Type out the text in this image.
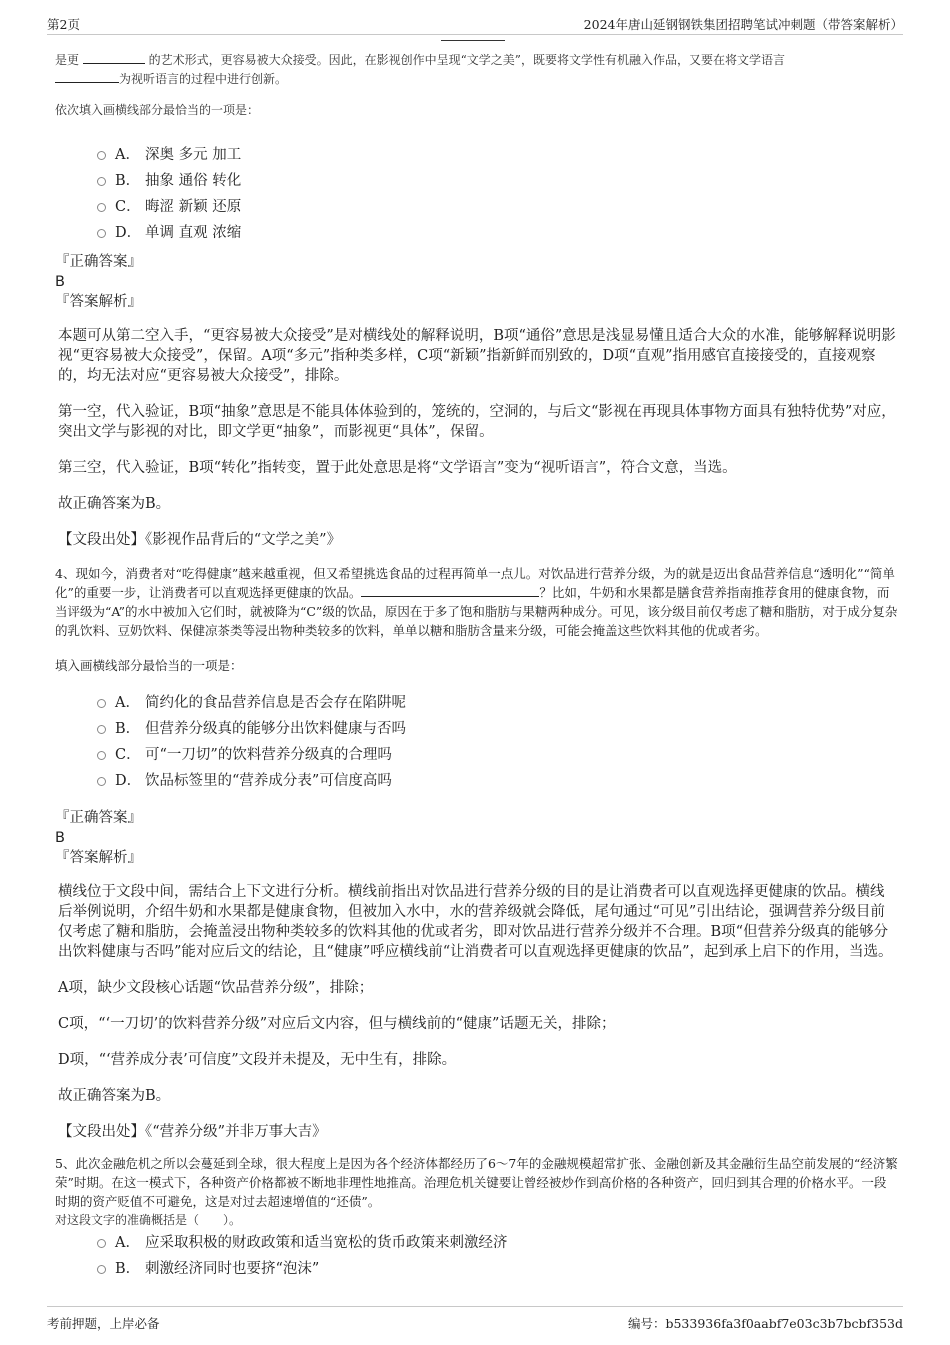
第2页	2024年唐山延钢钢铁集团招聘笔试冲刺题（带答案解析）
是更	的艺术形式，更容易被大众接受。因此，在影视创作中呈现“文学之美”，既要将文学性有机融入作品，又要在将文学语言
为视听语言的过程中进行创新。

依次填入画横线部分最恰当的一项是：

A． 深奥 多元 加工
B． 抽象 通俗 转化
C． 晦涩 新颖 还原
D． 单调 直观 浓缩

『正确答案』

B

『答案解析』

本题可从第二空入手，“更容易被大众接受”是对横线处的解释说明，B项“通俗”意思是浅显易懂且适合大众的水准，能够解释说明影视“更容易被大众接受”，保留。A项“多元”指种类多样，C项“新颖”指新鲜而别致的，D项“直观”指用感官直接接受的，直接观察的，均无法对应“更容易被大众接受”，排除。

第一空，代入验证，B项“抽象”意思是不能具体体验到的，笼统的，空洞的，与后文“影视在再现具体事物方面具有独特优势”对应，突出文学与影视的对比，即文学更“抽象”，而影视更“具体”，保留。

第三空，代入验证，B项“转化”指转变，置于此处意思是将“文学语言”变为“视听语言”，符合文意，当选。

故正确答案为B。

【文段出处】《影视作品背后的“文学之美”》

4、现如今，消费者对“吃得健康”越来越重视，但又希望挑选食品的过程再简单一点儿。对饮品进行营养分级，为的就是迈出食品营养信息“透明化”“简单化”的重要一步，让消费者可以直观选择更健康的饮品。	？比如，牛奶和水果都是膳食营养指南推荐食用的健康食物，而当评级为“A”的水中被加入它们时，就被降为“C”级的饮品，原因在于多了饱和脂肪与果糖两种成分。可见，该分级目前仅考虑了糖和脂肪，对于成分复杂的乳饮料、豆奶饮料、保健凉茶类等浸出物种类较多的饮料，单单以糖和脂肪含量来分级，可能会掩盖这些饮料其他的优或者劣。

填入画横线部分最恰当的一项是：

A． 简约化的食品营养信息是否会存在陷阱呢
B． 但营养分级真的能够分出饮料健康与否吗
C． 可“一刀切”的饮料营养分级真的合理吗
D． 饮品标签里的“营养成分表”可信度高吗

『正确答案』

B

『答案解析』

横线位于文段中间，需结合上下文进行分析。横线前指出对饮品进行营养分级的目的是让消费者可以直观选择更健康的饮品。横线后举例说明，介绍牛奶和水果都是健康食物，但被加入水中，水的营养级就会降低，尾句通过“可见”引出结论，强调营养分级目前仅考虑了糖和脂肪，会掩盖浸出物种类较多的饮料其他的优或者劣，即对饮品进行营养分级并不合理。B项“但营养分级真的能够分出饮料健康与否吗”能对应后文的结论，且“健康”呼应横线前“让消费者可以直观选择更健康的饮品”，起到承上启下的作用，当选。

A项，缺少文段核心话题“饮品营养分级”，排除；

C项，“‘一刀切’的饮料营养分级”对应后文内容，但与横线前的“健康”话题无关，排除；

D项，“‘营养成分表’可信度”文段并未提及，无中生有，排除。

故正确答案为B。

【文段出处】《“营养分级”并非万事大吉》

5、此次金融危机之所以会蔓延到全球，很大程度上是因为各个经济体都经历了6～7年的金融规模超常扩张、金融创新及其金融衍生品空前发展的“经济繁荣”时期。在这一模式下，各种资产价格都被不断地非理性地推高。治理危机关键要让曾经被炒作到高价格的各种资产，回归到其合理的价格水平。一段时期的资产贬值不可避免，这是对过去超速增值的“还债”。

对这段文字的准确概括是（　　）。

A． 应采取积极的财政政策和适当宽松的货币政策来刺激经济
B． 刺激经济同时也要挤“泡沫”
考前押题，上岸必备	编号：b533936fa3f0aabf7e03c3b7bcbf353d
